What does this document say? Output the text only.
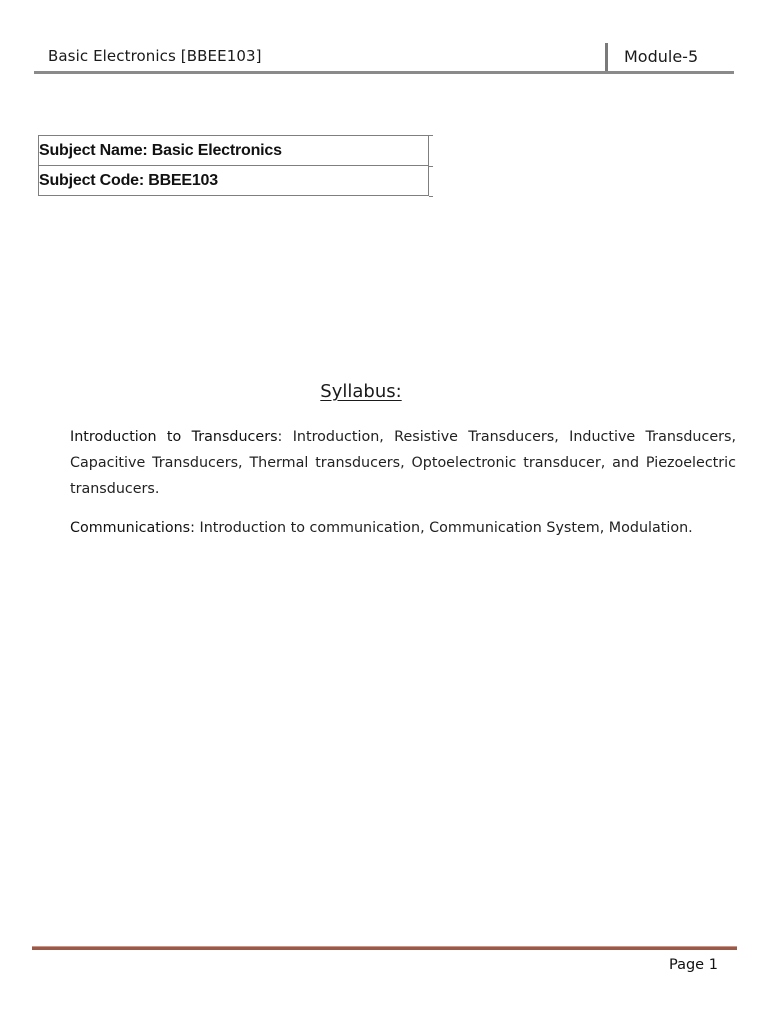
Basic Electronics [BBEE103]	Module-5
Subject Name: Basic Electronics
Subject Code: BBEE103
Syllabus:

Introduction to Transducers: Introduction, Resistive Transducers, Inductive Transducers, Capacitive Transducers, Thermal transducers, Optoelectronic transducer, and Piezoelectric transducers.

Communications: Introduction to communication, Communication System, Modulation.

Page 1
